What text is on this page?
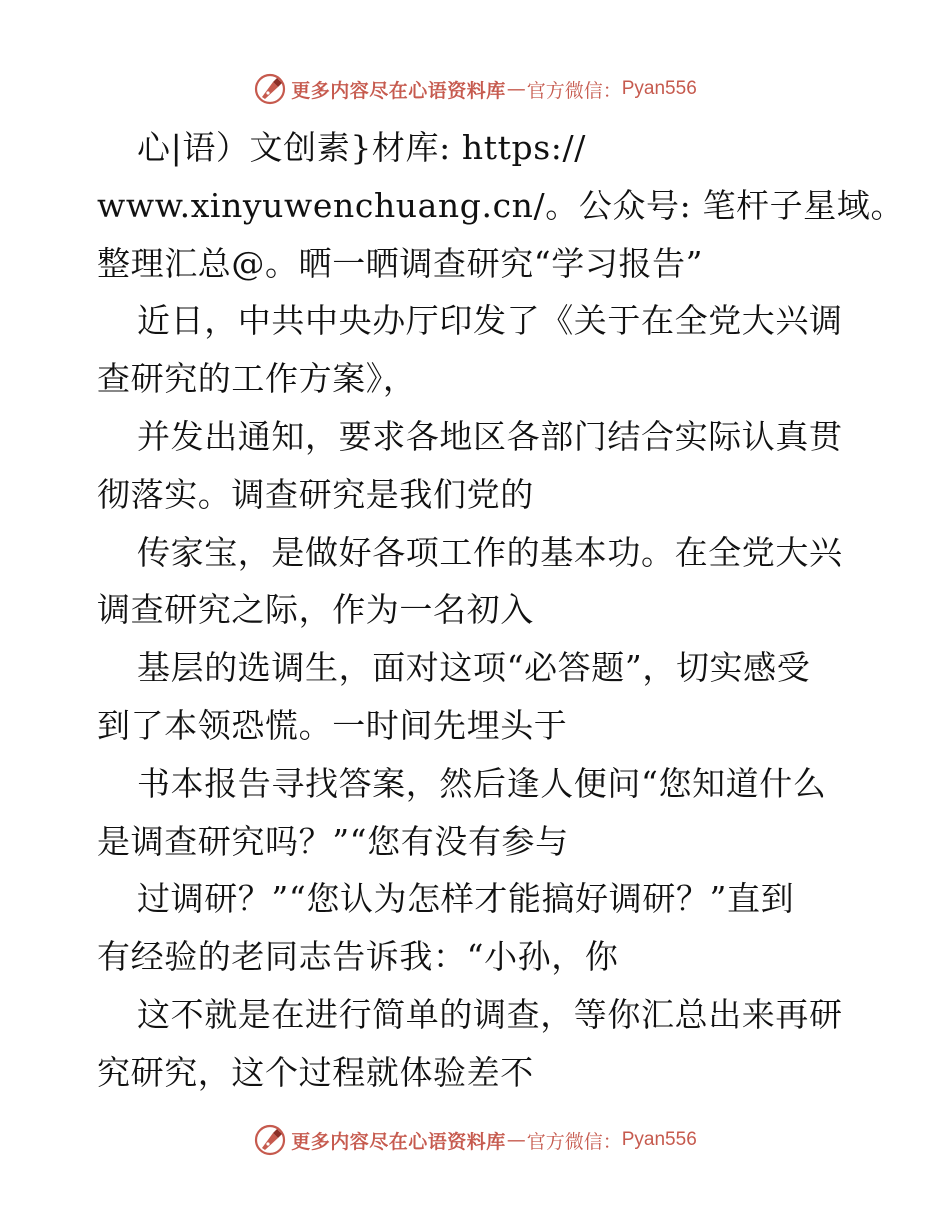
更多内容尽在心语资料库 — 官方微信： Pyan556
心|语）文创素}材库: https://
www.xinyuwenchuang.cn/。公众号: 笔杆子星域。
整理汇总@。晒一晒调查研究“学习报告”
近日，中共中央办厅印发了《关于在全党大兴调
查研究的工作方案》，
并发出通知，要求各地区各部门结合实际认真贯
彻落实。调查研究是我们党的
传家宝，是做好各项工作的基本功。在全党大兴
调查研究之际，作为一名初入
基层的选调生，面对这项“必答题”，切实感受
到了本领恐慌。一时间先埋头于
书本报告寻找答案，然后逢人便问“您知道什么
是调查研究吗？”“您有没有参与
过调研？”“您认为怎样才能搞好调研？”直到
有经验的老同志告诉我：“小孙，你
这不就是在进行简单的调查，等你汇总出来再研
究研究，这个过程就体验差不
更多内容尽在心语资料库 — 官方微信： Pyan556
